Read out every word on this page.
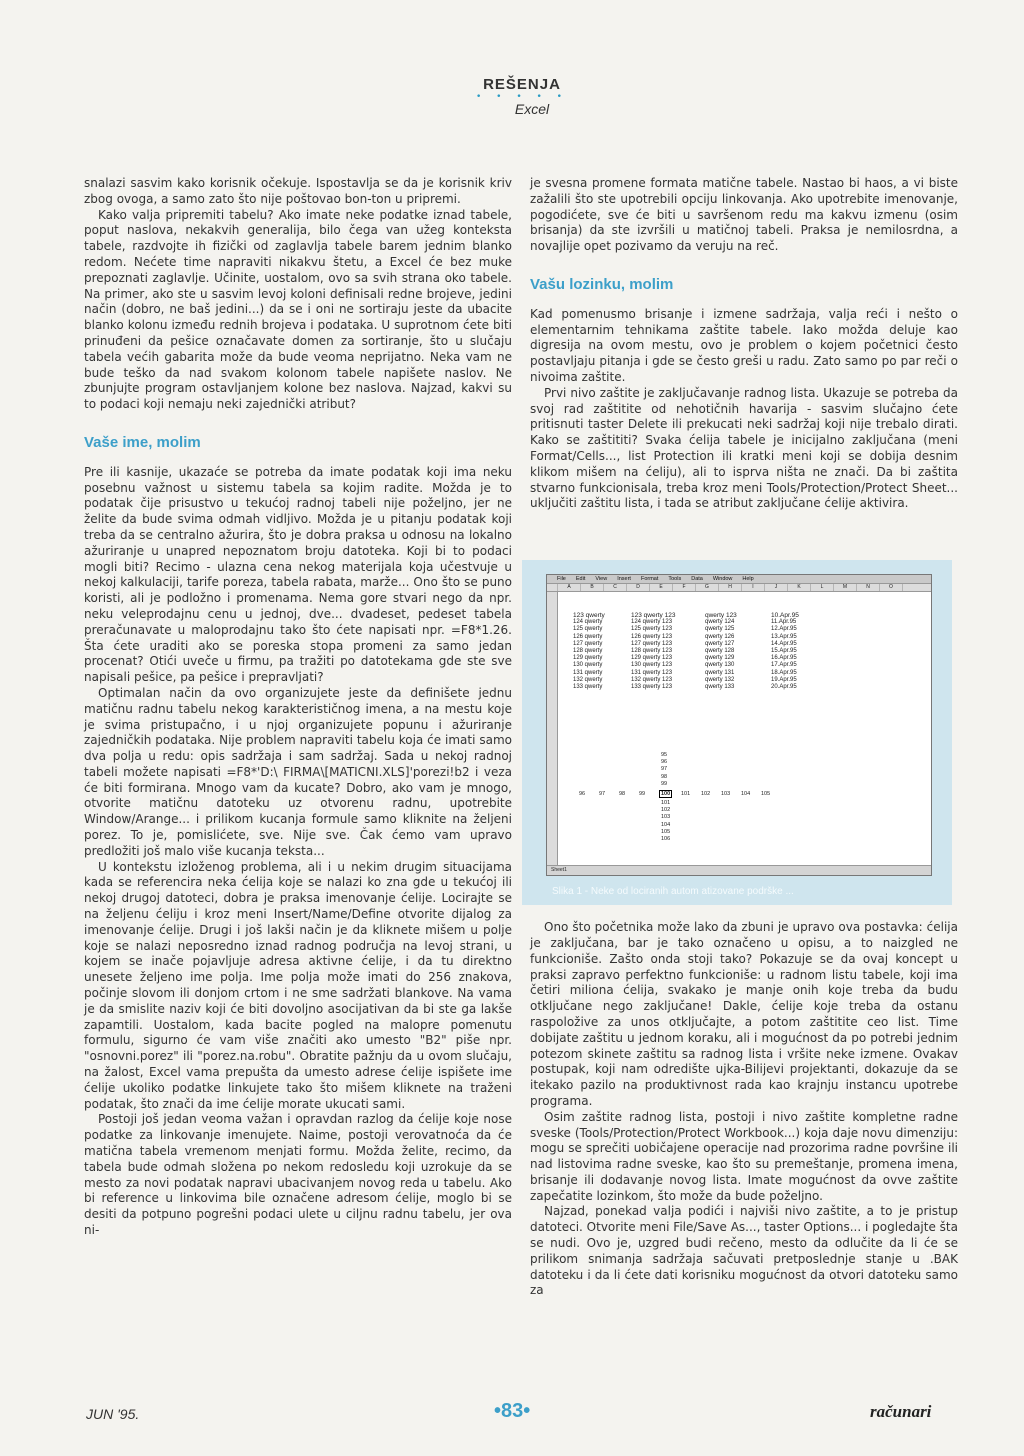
REŠENJA
• • • • •
Excel

snalazi sasvim kako korisnik očekuje. Ispostavlja se da je korisnik kriv zbog ovoga, a samo zato što nije poštovao bon-ton u pripremi.

Kako valja pripremiti tabelu? Ako imate neke podatke iznad tabele, poput naslova, nekakvih generalija, bilo čega van užeg konteksta tabele, razdvojte ih fizički od zaglavlja tabele barem jednim blanko redom. Nećete time napraviti nikakvu štetu, a Excel će bez muke prepoznati zaglavlje. Učinite, uostalom, ovo sa svih strana oko tabele. Na primer, ako ste u sasvim levoj koloni definisali redne brojeve, jedini način (dobro, ne baš jedini...) da se i oni ne sortiraju jeste da ubacite blanko kolonu između rednih brojeva i podataka. U suprotnom ćete biti prinuđeni da pešice označavate domen za sortiranje, što u slučaju tabela većih gabarita može da bude veoma neprijatno. Neka vam ne bude teško da nad svakom kolonom tabele napišete naslov. Ne zbunjujte program ostavljanjem kolone bez naslova. Najzad, kakvi su to podaci koji nemaju neki zajednički atribut?

Vaše ime, molim

Pre ili kasnije, ukazaće se potreba da imate podatak koji ima neku posebnu važnost u sistemu tabela sa kojim radite. Možda je to podatak čije prisustvo u tekućoj radnoj tabeli nije poželjno, jer ne želite da bude svima odmah vidljivo. Možda je u pitanju podatak koji treba da se centralno ažurira, što je dobra praksa u odnosu na lokalno ažuriranje u unapred nepoznatom broju datoteka. Koji bi to podaci mogli biti? Recimo - ulazna cena nekog materijala koja učestvuje u nekoj kalkulaciji, tarife poreza, tabela rabata, marže... Ono što se puno koristi, ali je podložno i promenama. Nema gore stvari nego da npr. neku veleprodajnu cenu u jednoj, dve... dvadeset, pedeset tabela preračunavate u maloprodajnu tako što ćete napisati npr. =F8*1.26. Šta ćete uraditi ako se poreska stopa promeni za samo jedan procenat? Otići uveče u firmu, pa tražiti po datotekama gde ste sve napisali pešice, pa pešice i prepravljati?

Optimalan način da ovo organizujete jeste da definišete jednu matičnu radnu tabelu nekog karakterističnog imena, a na mestu koje je svima pristupačno, i u njoj organizujete popunu i ažuriranje zajedničkih podataka. Nije problem napraviti tabelu koja će imati samo dva polja u redu: opis sadržaja i sam sadržaj. Sada u nekoj radnoj tabeli možete napisati =F8*'D:\ FIRMA\[MATICNI.XLS]'porezi!b2 i veza će biti formirana. Mnogo vam da kucate? Dobro, ako vam je mnogo, otvorite matičnu datoteku uz otvorenu radnu, upotrebite Window/Arange... i prilikom kucanja formule samo kliknite na željeni porez. To je, pomislićete, sve. Nije sve. Čak ćemo vam upravo predložiti još malo više kucanja teksta...

U kontekstu izloženog problema, ali i u nekim drugim situacijama kada se referencira neka ćelija koje se nalazi ko zna gde u tekućoj ili nekoj drugoj datoteci, dobra je praksa imenovanje ćelije. Locirajte se na željenu ćeliju i kroz meni Insert/Name/Define otvorite dijalog za imenovanje ćelije. Drugi i još lakši način je da kliknete mišem u polje koje se nalazi neposredno iznad radnog područja na levoj strani, u kojem se inače pojavljuje adresa aktivne ćelije, i da tu direktno unesete željeno ime polja. Ime polja može imati do 256 znakova, počinje slovom ili donjom crtom i ne sme sadržati blankove. Na vama je da smislite naziv koji će biti dovoljno asocijativan da bi ste ga lakše zapamtili. Uostalom, kada bacite pogled na malopre pomenutu formulu, sigurno će vam više značiti ako umesto "B2" piše npr. "osnovni.porez" ili "porez.na.robu". Obratite pažnju da u ovom slučaju, na žalost, Excel vama prepušta da umesto adrese ćelije ispišete ime ćelije ukoliko podatke linkujete tako što mišem kliknete na traženi podatak, što znači da ime ćelije morate ukucati sami.

Postoji još jedan veoma važan i opravdan razlog da ćelije koje nose podatke za linkovanje imenujete. Naime, postoji verovatnoća da će matična tabela vremenom menjati formu. Možda želite, recimo, da tabela bude odmah složena po nekom redosledu koji uzrokuje da se mesto za novi podatak napravi ubacivanjem novog reda u tabelu. Ako bi reference u linkovima bile označene adresom ćelije, moglo bi se desiti da potpuno pogrešni podaci ulete u ciljnu radnu tabelu, jer ova ni-

je svesna promene formata matične tabele. Nastao bi haos, a vi biste zažalili što ste upotrebili opciju linkovanja. Ako upotrebite imenovanje, pogodićete, sve će biti u savršenom redu ma kakvu izmenu (osim brisanja) da ste izvršili u matičnoj tabeli. Praksa je nemilosrdna, a novajlije opet pozivamo da veruju na reč.

Vašu lozinku, molim

Kad pomenusmo brisanje i izmene sadržaja, valja reći i nešto o elementarnim tehnikama zaštite tabele. Iako možda deluje kao digresija na ovom mestu, ovo je problem o kojem početnici često postavljaju pitanja i gde se često greši u radu. Zato samo po par reči o nivoima zaštite.

Prvi nivo zaštite je zaključavanje radnog lista. Ukazuje se potreba da svoj rad zaštitite od nehotičnih havarija - sasvim slučajno ćete pritisnuti taster Delete ili prekucati neki sadržaj koji nije trebalo dirati. Kako se zaštititi? Svaka ćelija tabele je inicijalno zaključana (meni Format/Cells..., list Protection ili kratki meni koji se dobija desnim klikom mišem na ćeliju), ali to isprva ništa ne znači. Da bi zaštita stvarno funkcionisala, treba kroz meni Tools/Protection/Protect Sheet... uključiti zaštitu lista, i tada se atribut zaključane ćelije aktivira.

Ono što početnika može lako da zbuni je upravo ova postavka: ćelija je zaključana, bar je tako označeno u opisu, a to naizgled ne funkcioniše. Zašto onda stoji tako? Pokazuje se da ovaj koncept u praksi zapravo perfektno funkcioniše: u radnom listu tabele, koji ima četiri miliona ćelija, svakako je manje onih koje treba da budu otključane nego zaključane! Dakle, ćelije koje treba da ostanu raspoložive za unos otključajte, a potom zaštitite ceo list. Time dobijate zaštitu u jednom koraku, ali i mogućnost da po potrebi jednim potezom skinete zaštitu sa radnog lista i vršite neke izmene. Ovakav postupak, koji nam odredište ujka-Bilijevi projektanti, dokazuje da se itekako pazilo na produktivnost rada kao krajnju instancu upotrebe programa.

Osim zaštite radnog lista, postoji i nivo zaštite kompletne radne sveske (Tools/Protection/Protect Workbook...) koja daje novu dimenziju: mogu se sprečiti uobičajene operacije nad prozorima radne površine ili nad listovima radne sveske, kao što su premeštanje, promena imena, brisanje ili dodavanje novog lista. Imate mogućnost da ovve zaštite zapečatite lozinkom, što može da bude poželjno.

Najzad, ponekad valja podići i najviši nivo zaštite, a to je pristup datoteci. Otvorite meni File/Save As..., taster Options... i pogledajte šta se nudi. Ovo je, uzgred budi rečeno, mesto da odlučite da li će se prilikom snimanja sadržaja sačuvati pretposlednje stanje u .BAK datoteku i da li ćete dati korisniku mogućnost da otvori datoteku samo za

File Edit View Insert Format Tools Data Window Help
A	B	C	D	E	F	G	H	I	J	K	L	M	N	O
123 qwerty	123 qwerty 123	qwerty 123	10.Apr.95
124 qwerty	124 qwerty 123	qwerty 124	11.Apr.95
125 qwerty	125 qwerty 123	qwerty 125	12.Apr.95
126 qwerty	126 qwerty 123	qwerty 126	13.Apr.95
127 qwerty	127 qwerty 123	qwerty 127	14.Apr.95
128 qwerty	128 qwerty 123	qwerty 128	15.Apr.95
129 qwerty	129 qwerty 123	qwerty 129	16.Apr.95
130 qwerty	130 qwerty 123	qwerty 130	17.Apr.95
131 qwerty	131 qwerty 123	qwerty 131	18.Apr.95
132 qwerty	132 qwerty 123	qwerty 132	19.Apr.95
133 qwerty	133 qwerty 123	qwerty 133	20.Apr.95
95
96
97
98
99
96	97	98	99	100	101 102 103 104 105
101
102
103
104
105
106
Sheet1
Slika 1 - Neke od lociranih autom atizovane podrške ...
JUN '95.	•83•	računari
